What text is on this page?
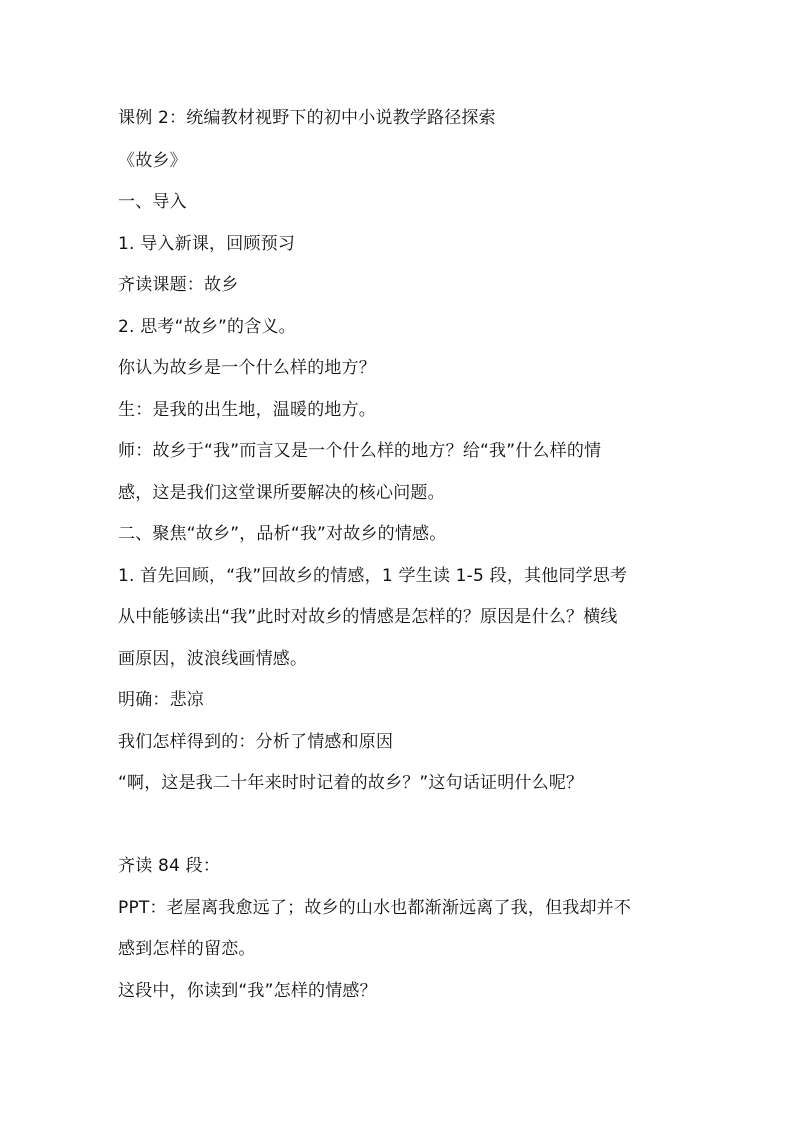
课例 2：统编教材视野下的初中小说教学路径探索
《故乡》
一、导入
1. 导入新课，回顾预习
齐读课题：故乡
2. 思考“故乡”的含义。
你认为故乡是一个什么样的地方？
生：是我的出生地，温暖的地方。
师：故乡于“我”而言又是一个什么样的地方？给“我”什么样的情
感，这是我们这堂课所要解决的核心问题。
二、聚焦“故乡”，品析“我”对故乡的情感。
1. 首先回顾，“我”回故乡的情感，1 学生读 1-5 段，其他同学思考
从中能够读出“我”此时对故乡的情感是怎样的？原因是什么？横线
画原因，波浪线画情感。
明确：悲凉
我们怎样得到的：分析了情感和原因
“啊，这是我二十年来时时记着的故乡？”这句话证明什么呢？
齐读 84 段：
PPT：老屋离我愈远了；故乡的山水也都渐渐远离了我，但我却并不
感到怎样的留恋。
这段中，你读到“我”怎样的情感？
